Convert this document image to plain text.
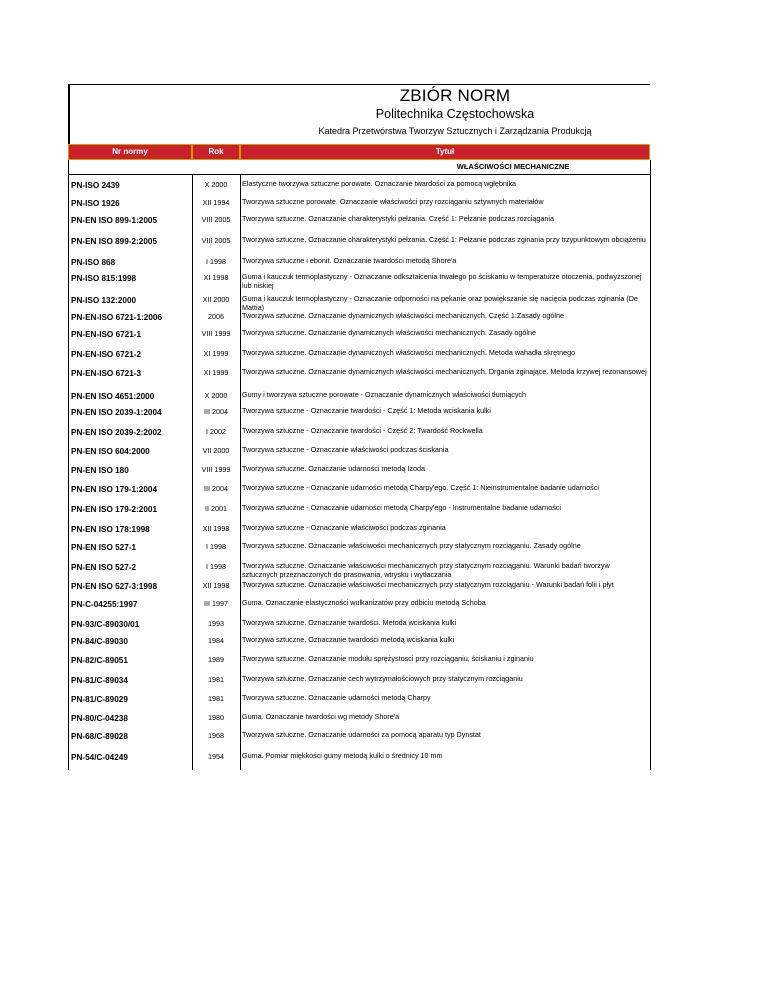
ZBIÓR NORM
Politechnika Częstochowska
Katedra Przetwórstwa Tworzyw Sztucznych i Zarządzania Produkcją
Nr normy	Rok	Tytuł
WŁAŚCIWOŚCI MECHANICZNE
PN-ISO 2439	X 2000	Elastyczne tworzywa sztuczne porowate. Oznaczanie twardości za pomocą wgłębnika
PN-ISO 1926	XII 1994	Tworzywa sztuczne porowate. Oznaczanie właściwości przy rozciąganiu sztywnych materiałów
PN-EN ISO 899-1:2005	VIII 2005	Tworzywa sztuczne. Oznaczanie charakterystyki pełzania. Część 1: Pełzanie podczas rozciągania
PN-EN ISO 899-2:2005	VIII 2005	Tworzywa sztuczne. Oznaczanie charakterystyki pełzania. Część 1: Pełzanie podczas zginania przy trzypunktowym obciążeniu
PN-ISO 868	I 1998	Tworzywa sztuczne i ebonit. Oznaczanie twardości metodą Shore'a
PN-ISO 815:1998	XI 1998	Guma i kauczuk termoplastyczny - Oznaczanie odkształcenia trwałego po ściskaniu w temperaturze otoczenia, podwyższonej lub niskiej
PN-ISO 132:2000	XII 2000	Guma i kauczuk termoplastyczny - Oznaczanie odporności na pękanie oraz powiększanie się nacięcia podczas zginania (De Mattia)
PN-EN-ISO 6721-1:2006	2006	Tworzywa sztuczne. Oznaczanie dynamicznych właściwości mechanicznych. Część 1:Zasady ogólne
PN-EN-ISO 6721-1	VIII 1999	Tworzywa sztuczne. Oznaczanie dynamicznych właściwości mechanicznych. Zasady ogólne
PN-EN-ISO 6721-2	XI 1999	Tworzywa sztuczne. Oznaczanie dynamicznych właściwości mechanicznych. Metoda wahadła skrętnego
PN-EN-ISO 6721-3	XI 1999	Tworzywa sztuczne. Oznaczanie dynamicznych właściwości mechanicznych. Drgania zginające. Metoda krzywej rezonansowej
PN-EN ISO 4651:2000	X 2000	Gumy i tworzywa sztuczne porowate - Oznaczanie dynamicznych właściwości tłumiących
PN-EN ISO 2039-1:2004	III 2004	Tworzywa sztuczne - Oznaczanie twardości - Część 1: Metoda wciskania kulki
PN-EN ISO 2039-2:2002	I 2002	Tworzywa sztuczne - Oznaczanie twardości - Część 2: Twardość Rockwella
PN-EN ISO 604:2000	VII 2000	Tworzywa sztuczne - Oznaczanie właściwości podczas ściskania
PN-EN ISO 180	VIII 1999	Tworzywa sztuczne. Oznaczanie udarności metodą Izoda
PN-EN ISO 179-1:2004	III 2004	Tworzywa sztuczne - Oznaczanie udarności metodą Charpy'ego. Część 1: Nieinstrumentalne badanie udarności
PN-EN ISO 179-2:2001	II 2001	Tworzywa sztuczne - Oznaczanie udarności metodą Charpy'ego - Instrumentalne badanie udarności
PN-EN ISO 178:1998	XII 1998	Tworzywa sztuczne - Oznaczanie właściwości podczas zginania
PN-EN ISO 527-1	I 1998	Tworzywa sztuczne. Oznaczanie właściwości mechanicznych przy statycznym rozciąganiu. Zasady ogólne
PN-EN ISO 527-2	I 1998	Tworzywa sztuczne. Oznaczanie właściwości mechanicznych przy statycznym rozciąganiu. Warunki badań tworzyw sztucznych przeznaczonych do prasowania, wtrysku i wytłaczania
PN-EN ISO 527-3:1998	XII 1998	Tworzywa sztuczne. Oznaczanie właściwości mechanicznych przy statycznym rozciąganiu - Warunki badań folii i płyt
PN-C-04255:1997	III 1997	Guma. Oznaczanie elastyczności wulkanizatów przy odbiciu metodą Schoba
PN-93/C-89030/01	1993	Tworzywa sztuczne. Oznaczanie twardości. Metoda wciskania kulki
PN-84/C-89030	1984	Tworzywa sztuczne. Oznaczanie twardości metodą wciskania kulki
PN-82/C-89051	1989	Tworzywa sztuczne. Oznaczanie modułu sprężystosci przy rozciąganiu, ściskaniu i zginaniu
PN-81/C-89034	1981	Tworzywa sztuczne. Oznaczanie cech wytrzymałościowych przy statycznym rozciąganiu
PN-81/C-89029	1981	Tworzywa sztuczne. Oznaczanie udarności metodą Charpy
PN-80/C-04238	1980	Guma. Oznaczanie twardości wg metody Shore'a
PN-68/C-89028	1968	Tworzywa sztuczne. Oznaczanie udarności za pomocą aparatu typ Dynstat
PN-54/C-04249	1954	Guma. Pomiar miękkości gumy metodą kulki o średnicy 10 mm
